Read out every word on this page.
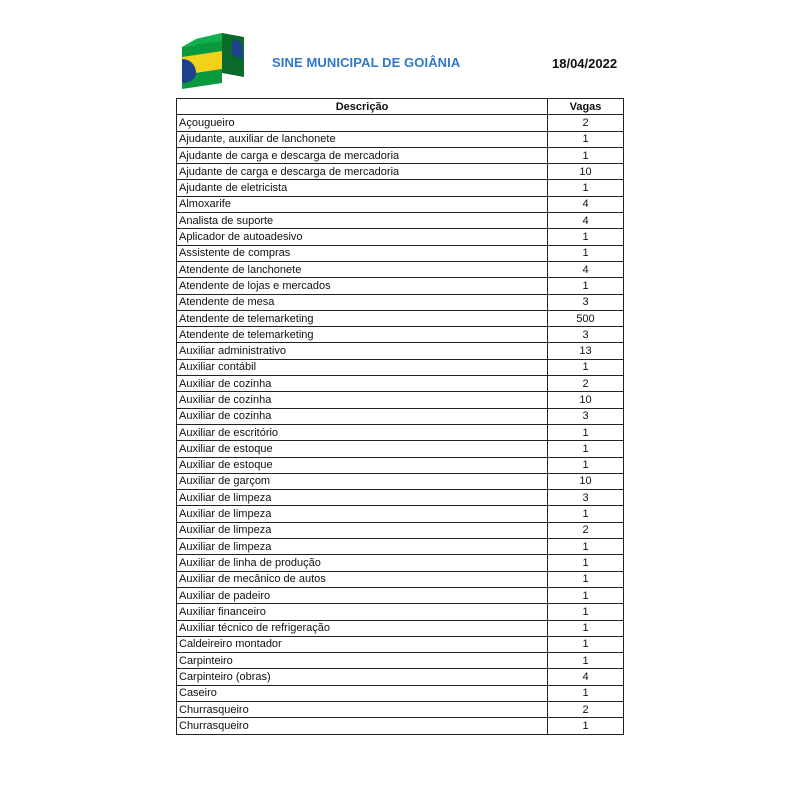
SINE MUNICIPAL DE GOIÂNIA	18/04/2022
Descrição	Vagas
Açougueiro	2
Ajudante, auxiliar de lanchonete	1
Ajudante de carga e descarga de mercadoria	1
Ajudante de carga e descarga de mercadoria	10
Ajudante de eletricista	1
Almoxarife	4
Analista de suporte	4
Aplicador de autoadesivo	1
Assistente de compras	1
Atendente de lanchonete	4
Atendente de lojas e mercados	1
Atendente de mesa	3
Atendente de telemarketing	500
Atendente de telemarketing	3
Auxiliar administrativo	13
Auxiliar contábil	1
Auxiliar de cozinha	2
Auxiliar de cozinha	10
Auxiliar de cozinha	3
Auxiliar de escritório	1
Auxiliar de estoque	1
Auxiliar de estoque	1
Auxiliar de garçom	10
Auxiliar de limpeza	3
Auxiliar de limpeza	1
Auxiliar de limpeza	2
Auxiliar de limpeza	1
Auxiliar de linha de produção	1
Auxiliar de mecânico de autos	1
Auxiliar de padeiro	1
Auxiliar financeiro	1
Auxiliar técnico de refrigeração	1
Caldeireiro montador	1
Carpinteiro	1
Carpinteiro (obras)	4
Caseiro	1
Churrasqueiro	2
Churrasqueiro	1
